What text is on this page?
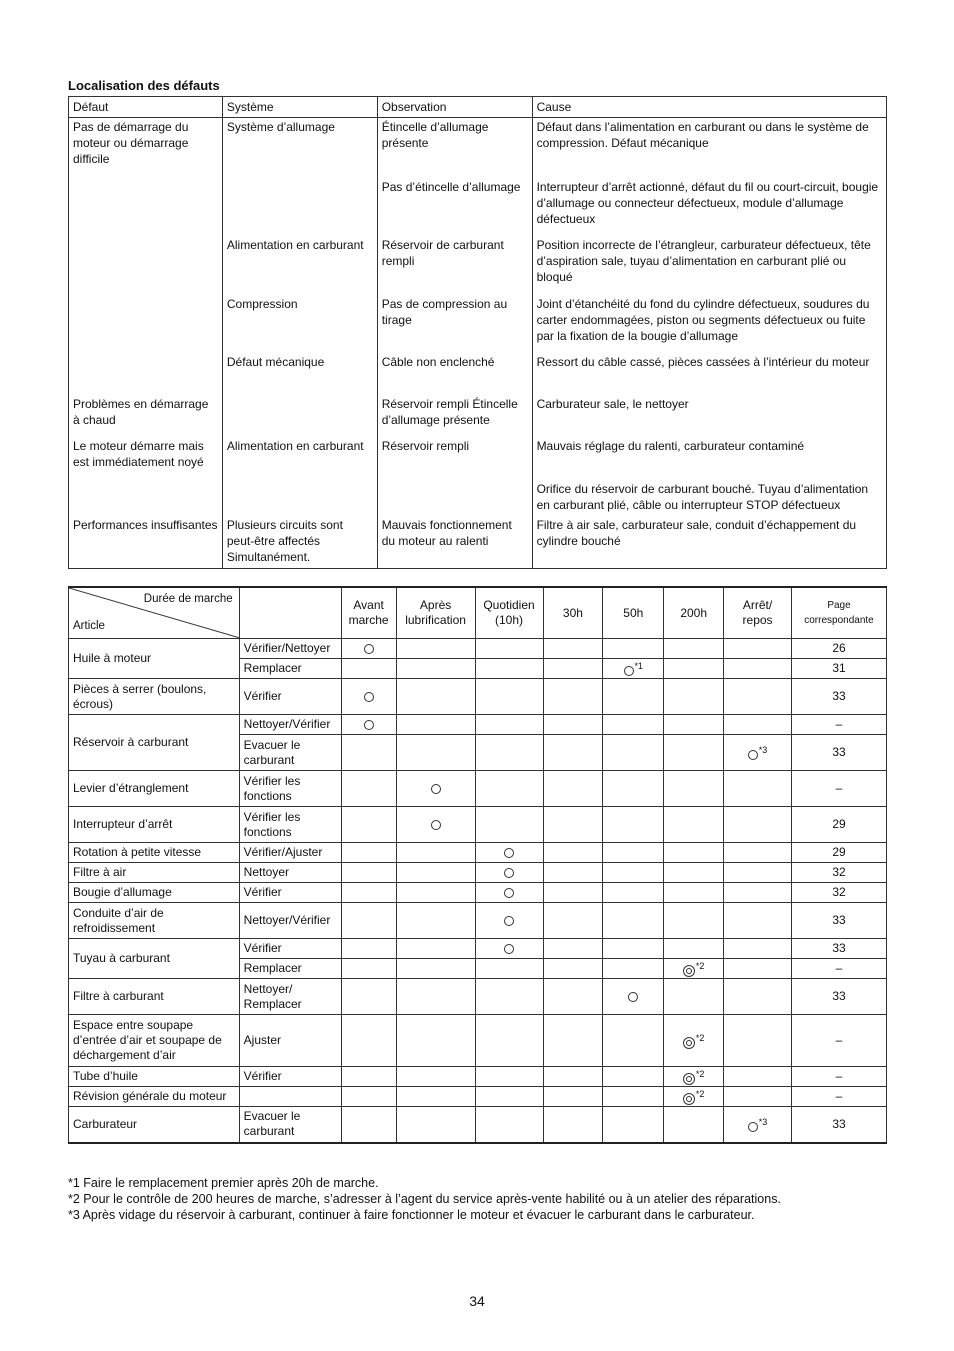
Localisation des défauts
Défaut	Système	Observation	Cause
Pas de démarrage du moteur ou démarrage difficile	Système d’allumage	Étincelle d’allumage présente	Défaut dans l’alimentation en carburant ou dans le système de compression. Défaut mécanique
		Pas d’étincelle d’allumage	Interrupteur d’arrêt actionné, défaut du fil ou court-circuit, bougie d’allumage ou connecteur défectueux, module d’allumage défectueux
	Alimentation en carburant	Réservoir de carburant rempli	Position incorrecte de l’étrangleur, carburateur défectueux, tête d’aspiration sale, tuyau d’alimentation en carburant plié ou bloqué
	Compression	Pas de compression au tirage	Joint d’étanchéité du fond du cylindre défectueux, soudures du carter endommagées, piston ou segments défectueux ou fuite par la fixation de la bougie d’allumage
	Défaut mécanique	Câble non enclenché	Ressort du câble cassé, pièces cassées à l’intérieur du moteur
Problèmes en démarrage à chaud		Réservoir rempli Étincelle d’allumage présente	Carburateur sale, le nettoyer
Le moteur démarre mais est immédiatement noyé	Alimentation en carburant	Réservoir rempli	Mauvais réglage du ralenti, carburateur contaminé
			Orifice du réservoir de carburant bouché. Tuyau d’alimentation en carburant plié, câble ou interrupteur STOP défectueux
Performances insuffisantes	Plusieurs circuits sont peut-être affectés Simultanément.	Mauvais fonctionnement du moteur au ralenti	Filtre à air sale, carburateur sale, conduit d’échappement du cylindre bouché
Durée de marche
Article		Avant marche	Après lubrification	Quotidien (10h)	30h	50h	200h	Arrêt/ repos	Page correspondante
Huile à moteur	Vérifier/Nettoyer								26
	Remplacer					$^{*1}$			31
Pièces à serrer (boulons, écrous)	Vérifier								33
Réservoir à carburant	Nettoyer/Vérifier								–
	Evacuer le carburant							$^{*3}$	33
Levier d’étranglement	Vérifier les fonctions								–
Interrupteur d’arrêt	Vérifier les fonctions								29
Rotation à petite vitesse	Vérifier/Ajuster								29
Filtre à air	Nettoyer								32
Bougie d’allumage	Vérifier								32
Conduite d’air de refroidissement	Nettoyer/Vérifier								33
Tuyau à carburant	Vérifier								33
	Remplacer						$^{*2}$		–
Filtre à carburant	Nettoyer/ Remplacer								33
Espace entre soupape d’entrée d’air et soupape de déchargement d’air	Ajuster						$^{*2}$		–
Tube d’huile	Vérifier						$^{*2}$		–
Révision générale du moteur							$^{*2}$		–
Carburateur	Evacuer le carburant							$^{*3}$	33
*1 Faire le remplacement premier après 20h de marche.
*2 Pour le contrôle de 200 heures de marche, s’adresser à l’agent du service après-vente habilité ou à un atelier des réparations.
*3 Après vidage du réservoir à carburant, continuer à faire fonctionner le moteur et évacuer le carburant dans le carburateur.
34
